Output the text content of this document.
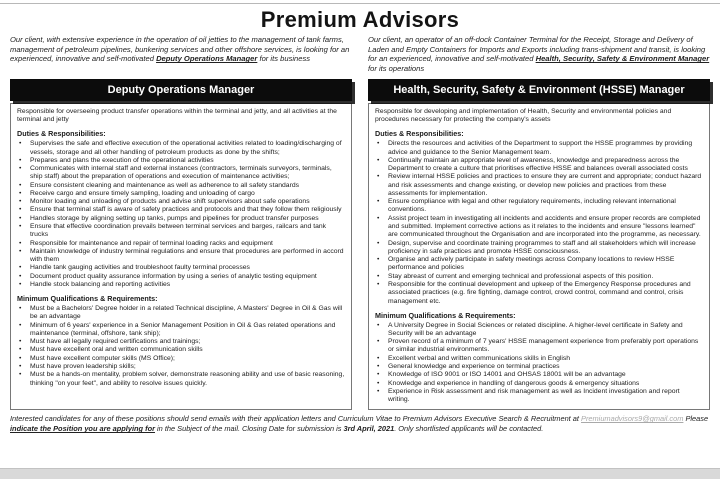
Premium Advisors
Our client, with extensive experience in the operation of oil jetties to the management of tank farms, management of petroleum pipelines, bunkering services and other offshore services, is looking for an experienced, innovative and self-motivated Deputy Operations Manager for its business
Our client, an operator of an off-dock Container Terminal for the Receipt, Storage and Delivery of Laden and Empty Containers for Imports and Exports including trans-shipment and transit, is looking for an experienced, innovative and self-motivated Health, Security, Safety & Environment Manager for its operations
Deputy Operations Manager
Responsible for overseeing product transfer operations within the terminal and jetty, and all activities at the terminal and jetty
Duties & Responsibilities:
•	Supervises the safe and effective execution of the operational activities related to loading/discharging of vessels, storage and all other handling of petroleum products as done by the shifts;
•	Prepares and plans the execution of the operational activities
•	Communicates with internal staff and external instances (contractors, terminals surveyors, terminals, ship staff) about the preparation of operations and execution of maintenance activities;
•	Ensure consistent cleaning and maintenance as well as adherence to all safety standards
•	Receive cargo and ensure timely sampling, loading and unloading of cargo
•	Monitor loading and unloading of products and advise shift supervisors about safe operations
•	Ensure that terminal staff is aware of safety practices and protocols and that they follow them religiously
•	Handles storage by aligning setting up tanks, pumps and pipelines for product transfer purposes
•	Ensure that effective coordination prevails between terminal services and barges, railcars and tank trucks
•	Responsible for maintenance and repair of terminal loading racks and equipment
•	Maintain knowledge of industry terminal regulations and ensure that procedures are performed in accord with them
•	Handle tank gauging activities and troubleshoot faulty terminal processes
•	Document product quality assurance information by using a series of analytic testing equipment
•	Handle stock balancing and reporting activities
Minimum Qualifications & Requirements:
•	Must be a Bachelors' Degree holder in a related Technical discipline, A Masters' Degree in Oil & Gas will be an advantage
•	Minimum of 6 years' experience in a Senior Management Position in Oil & Gas related operations and maintenance (terminal, offshore, tank ship);
•	Must have all legally required certifications and trainings;
•	Must have excellent oral and written communication skills
•	Must have excellent computer skills (MS Office);
•	Must have proven leadership skills;
•	Must be a hands-on mentality, problem solver, demonstrate reasoning ability and use of basic reasoning, thinking "on your feet", and ability to resolve issues quickly.
Health, Security, Safety & Environment (HSSE) Manager
Responsible for developing and implementation of Health, Security and environmental policies and procedures necessary for protecting the company's assets
Duties & Responsibilities:
•	Directs the resources and activities of the Department to support the HSSE programmes by providing advice and guidance to the Senior Management team.
•	Continually maintain an appropriate level of awareness, knowledge and preparedness across the Department to create a culture that prioritises effective HSSE and balances overall associated costs
•	Review internal HSSE policies and practices to ensure they are current and appropriate; conduct hazard and risk assessments and change existing, or develop new policies and practices from these assessments for implementation.
•	Ensure compliance with legal and other regulatory requirements, including relevant international conventions.
•	Assist project team in investigating all incidents and accidents and ensure proper records are completed and submitted. Implement corrective actions as it relates to the incidents and ensure "lessons learned" are communicated throughout the Organisation and are incorporated into the programme, as necessary.
•	Design, supervise and coordinate training programmes to staff and all stakeholders which will increase proficiency in safe practices and promote HSSE consciousness.
•	Organise and actively participate in safety meetings across Company locations to review HSSE performance and policies
•	Stay abreast of current and emerging technical and professional aspects of this position.
•	Responsible for the continual development and upkeep of the Emergency Response procedures and associated practices (e.g. fire fighting, damage control, crowd control, command and control, crisis management etc.
Minimum Qualifications & Requirements:
•	A University Degree in Social Sciences or related discipline. A higher-level certificate in Safety and Security will be an advantage
•	Proven record of a minimum of 7 years' HSSE management experience from preferably port operations or similar industrial environments.
•	Excellent verbal and written communications skills in English
•	General knowledge and experience on terminal practices
•	Knowledge of ISO 9001 or ISO 14001 and OHSAS 18001 will be an advantage
•	Knowledge and experience in handling of dangerous goods & emergency situations
•	Experience in Risk assessment and risk management as well as Incident investigation and report writing.
Interested candidates for any of these positions should send emails with their application letters and Curriculum Vitae to Premium Advisors Executive Search & Recruitment at Premiumadvisors9@gmail.com Please indicate the Position you are applying for in the Subject of the mail. Closing Date for submission is 3rd April, 2021. Only shortlisted applicants will be contacted.
